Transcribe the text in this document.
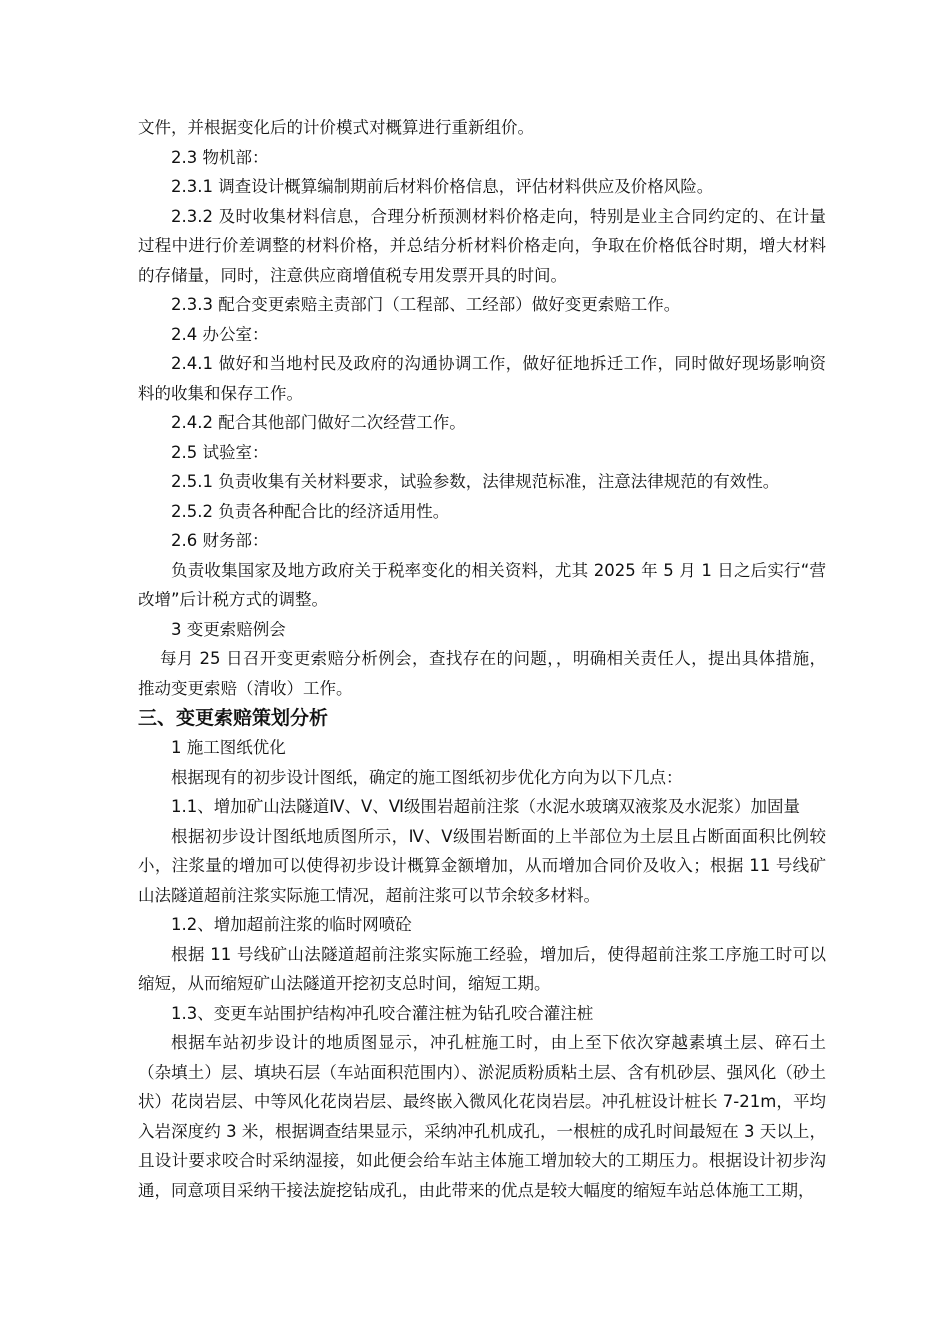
文件，并根据变化后的计价模式对概算进行重新组价。

2.3 物机部：

2.3.1 调查设计概算编制期前后材料价格信息，评估材料供应及价格风险。

2.3.2 及时收集材料信息，合理分析预测材料价格走向，特别是业主合同约定的、在计量过程中进行价差调整的材料价格，并总结分析材料价格走向，争取在价格低谷时期，增大材料的存储量，同时，注意供应商增值税专用发票开具的时间。

2.3.3 配合变更索赔主责部门（工程部、工经部）做好变更索赔工作。

2.4 办公室：

2.4.1 做好和当地村民及政府的沟通协调工作，做好征地拆迁工作，同时做好现场影响资料的收集和保存工作。

2.4.2 配合其他部门做好二次经营工作。

2.5 试验室：

2.5.1 负责收集有关材料要求，试验参数，法律规范标准，注意法律规范的有效性。

2.5.2 负责各种配合比的经济适用性。

2.6 财务部：

负责收集国家及地方政府关于税率变化的相关资料，尤其 2025 年 5 月 1 日之后实行“营改增”后计税方式的调整。

3 变更索赔例会

每月 25 日召开变更索赔分析例会，查找存在的问题，，明确相关责任人，提出具体措施，推动变更索赔（清收）工作。

三、变更索赔策划分析

1 施工图纸优化

根据现有的初步设计图纸，确定的施工图纸初步优化方向为以下几点：

1.1、增加矿山法隧道Ⅳ、Ⅴ、Ⅵ级围岩超前注浆（水泥水玻璃双液浆及水泥浆）加固量

根据初步设计图纸地质图所示，Ⅳ、Ⅴ级围岩断面的上半部位为土层且占断面面积比例较小，注浆量的增加可以使得初步设计概算金额增加，从而增加合同价及收入；根据 11 号线矿山法隧道超前注浆实际施工情况，超前注浆可以节余较多材料。

1.2、增加超前注浆的临时网喷砼

根据 11 号线矿山法隧道超前注浆实际施工经验，增加后，使得超前注浆工序施工时可以缩短，从而缩短矿山法隧道开挖初支总时间，缩短工期。

1.3、变更车站围护结构冲孔咬合灌注桩为钻孔咬合灌注桩

根据车站初步设计的地质图显示，冲孔桩施工时，由上至下依次穿越素填土层、碎石土（杂填土）层、填块石层（车站面积范围内）、淤泥质粉质粘土层、含有机砂层、强风化（砂土状）花岗岩层、中等风化花岗岩层、最终嵌入微风化花岗岩层。冲孔桩设计桩长 7-21m，平均入岩深度约 3 米，根据调查结果显示，采纳冲孔机成孔，一根桩的成孔时间最短在 3 天以上，且设计要求咬合时采纳湿接，如此便会给车站主体施工增加较大的工期压力。根据设计初步沟通，同意项目采纳干接法旋挖钻成孔，由此带来的优点是较大幅度的缩短车站总体施工工期，
